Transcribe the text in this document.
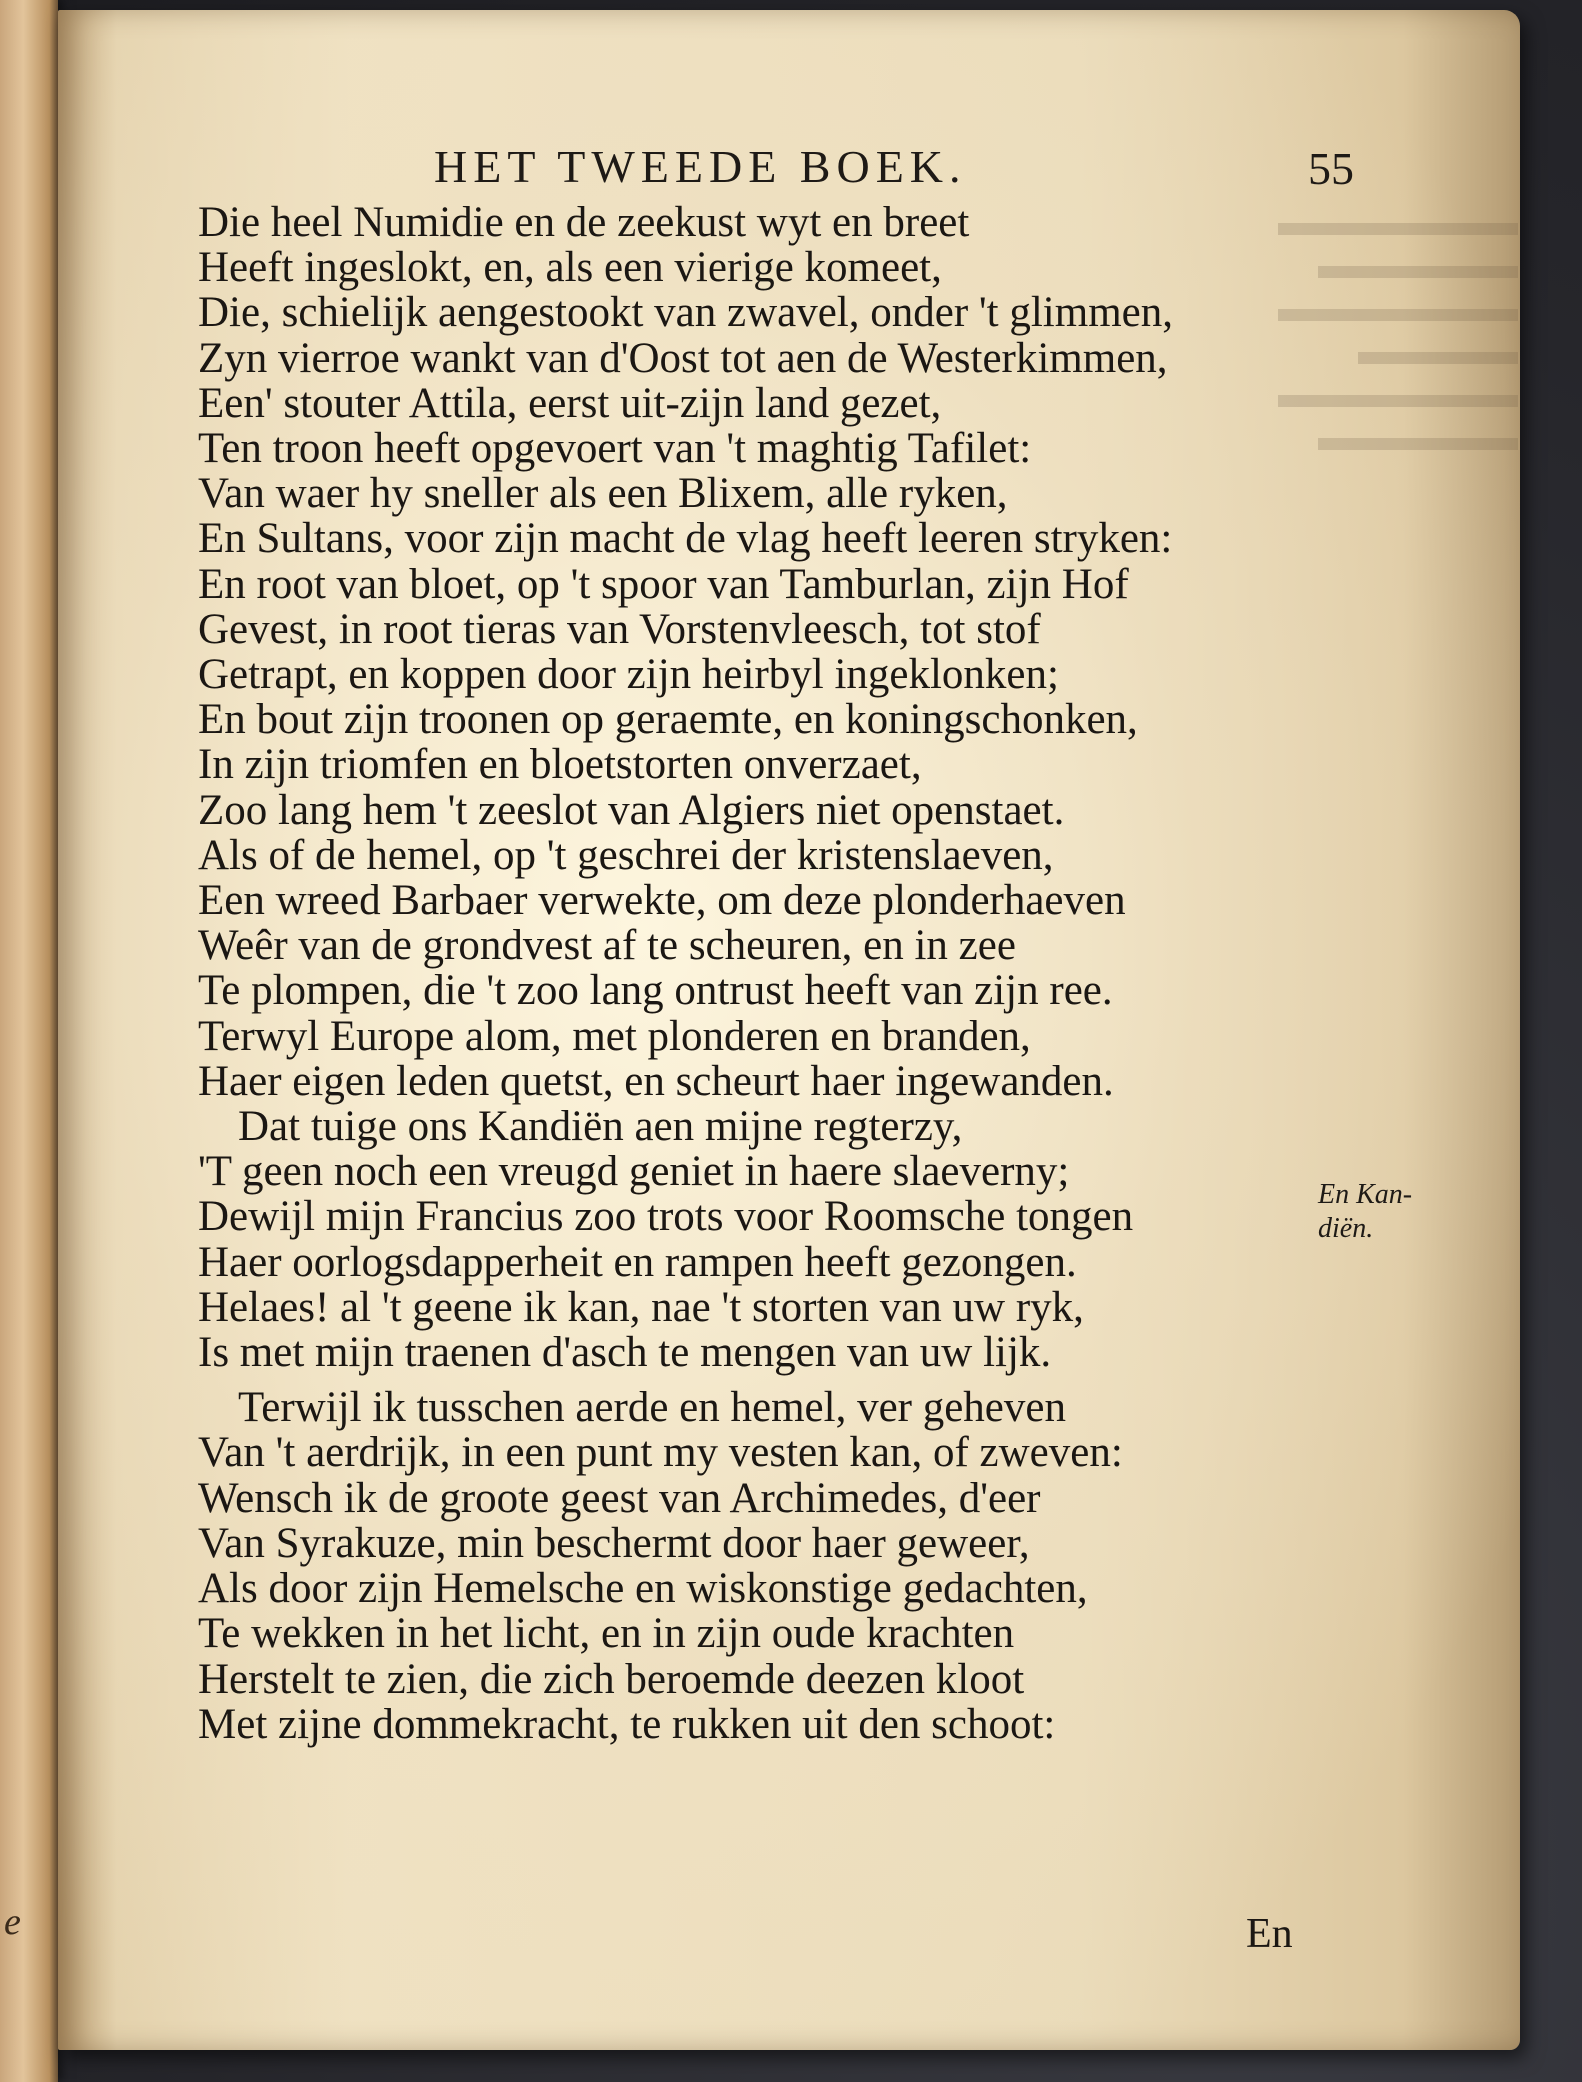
e
▬▬▬▬▬▬
▬▬▬▬▬
▬▬▬▬▬▬
▬▬▬▬
▬▬▬▬▬▬
▬▬▬▬▬
HET TWEEDE BOEK.	55
Die heel Numidie en de zeekust wyt en breet
Heeft ingeslokt, en, als een vierige komeet,
Die, schielijk aengestookt van zwavel, onder 't glimmen,
Zyn vierroe wankt van d'Oost tot aen de Westerkimmen,
Een' stouter Attila, eerst uit-zijn land gezet,
Ten troon heeft opgevoert van 't maghtig Tafilet:
Van waer hy sneller als een Blixem, alle ryken,
En Sultans, voor zijn macht de vlag heeft leeren stryken:
En root van bloet, op 't spoor van Tamburlan, zijn Hof
Gevest, in root tieras van Vorstenvleesch, tot stof
Getrapt, en koppen door zijn heirbyl ingeklonken;
En bout zijn troonen op geraemte, en koningschonken,
In zijn triomfen en bloetstorten onverzaet,
Zoo lang hem 't zeeslot van Algiers niet openstaet.
Als of de hemel, op 't geschrei der kristenslaeven,
Een wreed Barbaer verwekte, om deze plonderhaeven
Weêr van de grondvest af te scheuren, en in zee
Te plompen, die 't zoo lang ontrust heeft van zijn ree.
Terwyl Europe alom, met plonderen en branden,
Haer eigen leden quetst, en scheurt haer ingewanden.
Dat tuige ons Kandiën aen mijne regterzy,
'T geen noch een vreugd geniet in haere slaeverny;
Dewijl mijn Francius zoo trots voor Roomsche tongen
Haer oorlogsdapperheit en rampen heeft gezongen.
Helaes! al 't geene ik kan, nae 't storten van uw ryk,
Is met mijn traenen d'asch te mengen van uw lijk.
Terwijl ik tusschen aerde en hemel, ver geheven
Van 't aerdrijk, in een punt my vesten kan, of zweven:
Wensch ik de groote geest van Archimedes, d'eer
Van Syrakuze, min beschermt door haer geweer,
Als door zijn Hemelsche en wiskonstige gedachten,
Te wekken in het licht, en in zijn oude krachten
Herstelt te zien, die zich beroemde deezen kloot
Met zijne dommekracht, te rukken uit den schoot:
En Kan-
diën.
En
